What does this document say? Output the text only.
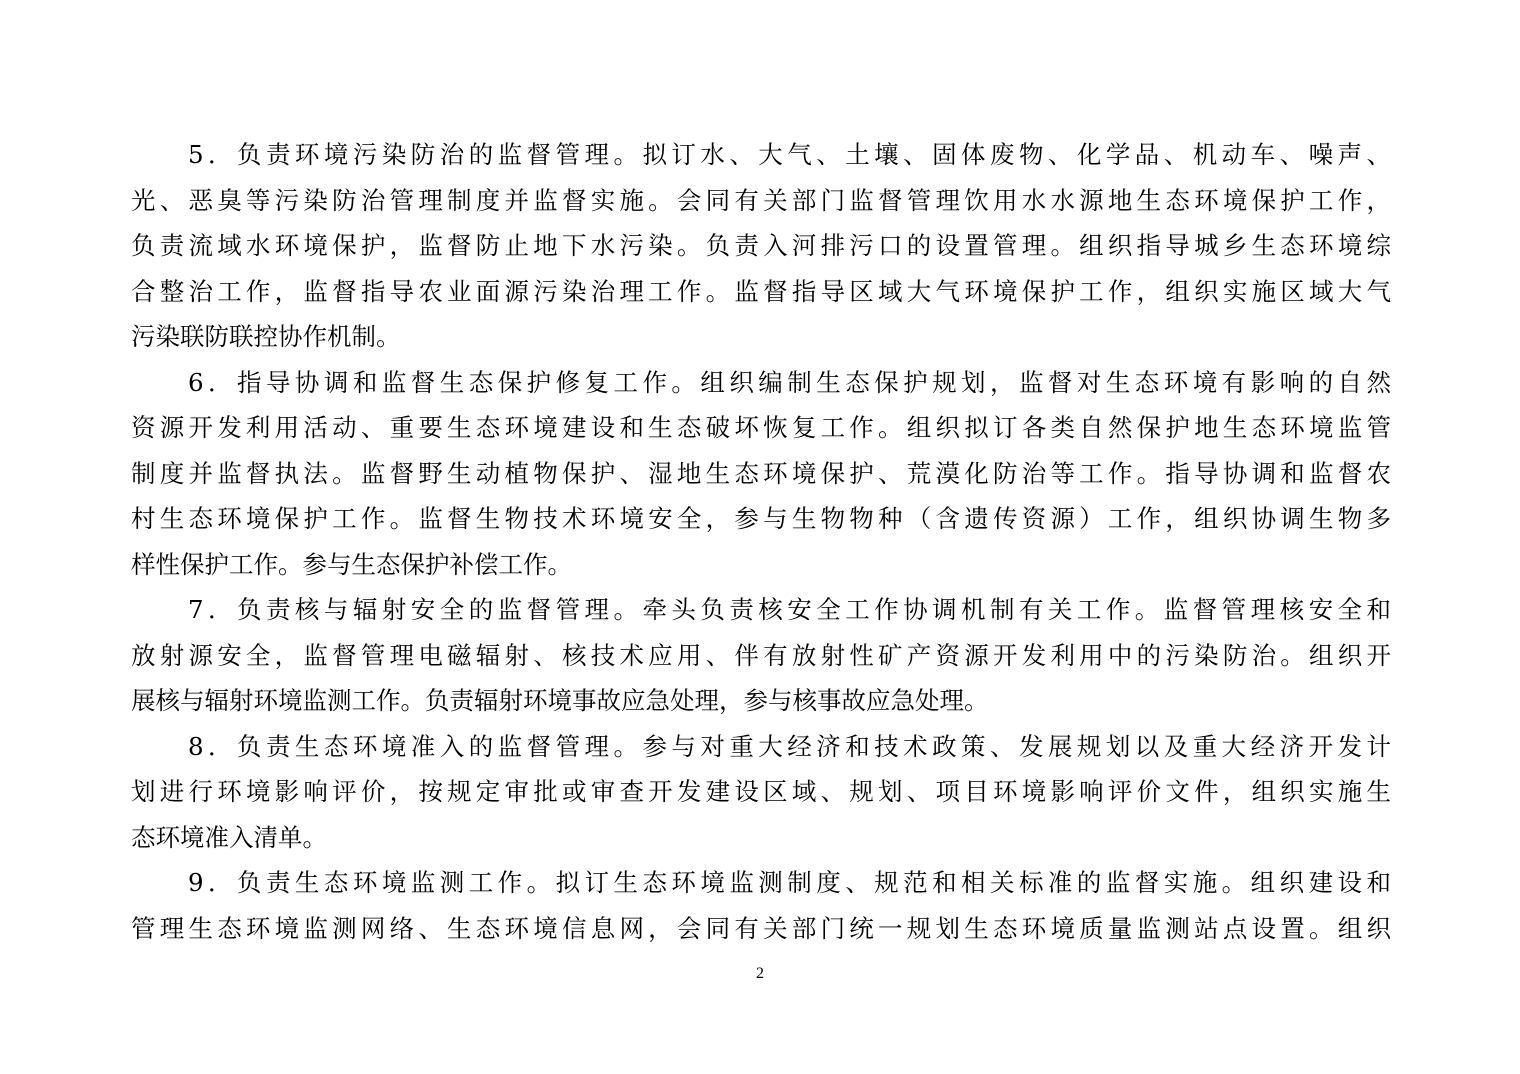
5．负责环境污染防治的监督管理。拟订水、大气、土壤、固体废物、化学品、机动车、噪声、
光、恶臭等污染防治管理制度并监督实施。会同有关部门监督管理饮用水水源地生态环境保护工作，
负责流域水环境保护，监督防止地下水污染。负责入河排污口的设置管理。组织指导城乡生态环境综
合整治工作，监督指导农业面源污染治理工作。监督指导区域大气环境保护工作，组织实施区域大气
污染联防联控协作机制。
6．指导协调和监督生态保护修复工作。组织编制生态保护规划，监督对生态环境有影响的自然
资源开发利用活动、重要生态环境建设和生态破坏恢复工作。组织拟订各类自然保护地生态环境监管
制度并监督执法。监督野生动植物保护、湿地生态环境保护、荒漠化防治等工作。指导协调和监督农
村生态环境保护工作。监督生物技术环境安全，参与生物物种（含遗传资源）工作，组织协调生物多
样性保护工作。参与生态保护补偿工作。
7．负责核与辐射安全的监督管理。牵头负责核安全工作协调机制有关工作。监督管理核安全和
放射源安全，监督管理电磁辐射、核技术应用、伴有放射性矿产资源开发利用中的污染防治。组织开
展核与辐射环境监测工作。负责辐射环境事故应急处理，参与核事故应急处理。
8．负责生态环境准入的监督管理。参与对重大经济和技术政策、发展规划以及重大经济开发计
划进行环境影响评价，按规定审批或审查开发建设区域、规划、项目环境影响评价文件，组织实施生
态环境准入清单。
9．负责生态环境监测工作。拟订生态环境监测制度、规范和相关标准的监督实施。组织建设和
管理生态环境监测网络、生态环境信息网，会同有关部门统一规划生态环境质量监测站点设置。组织
2
